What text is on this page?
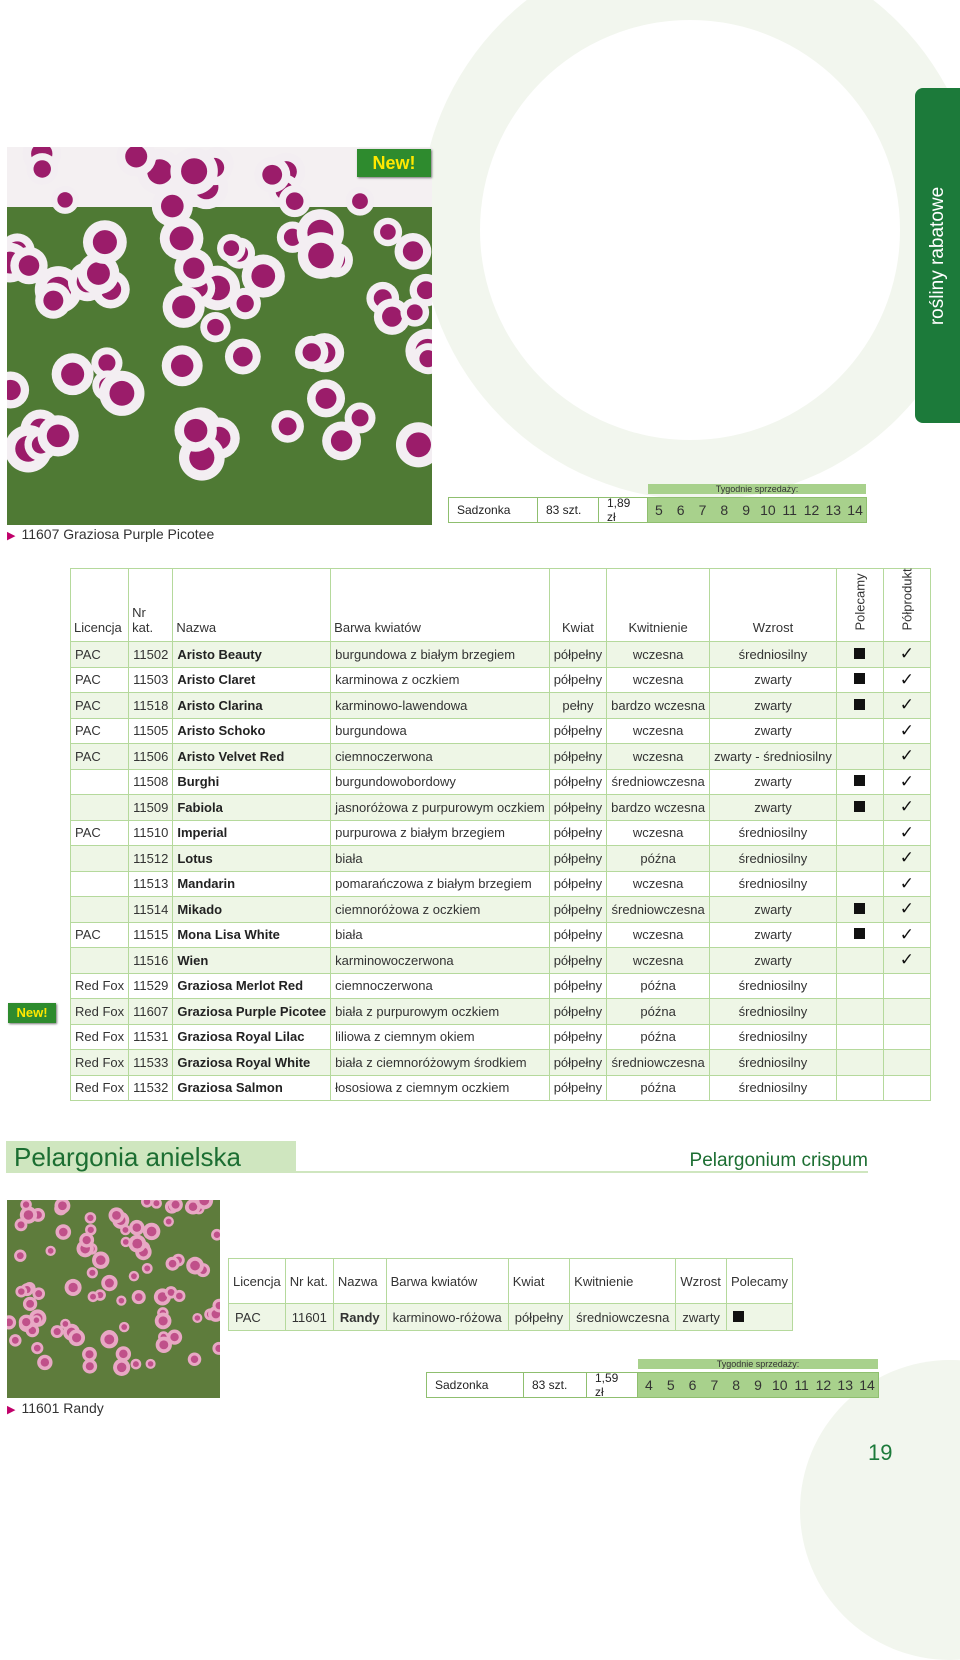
rośliny rabatowe
New!
▶ 11607 Graziosa Purple Picotee
Sadzonka	83 szt.	1,89 zł
Tygodnie sprzedaży:
5	6	7	8	9 10 11 12 13 14
New!
Licencja	Nr kat.	Nazwa	Barwa kwiatów	Kwiat	Kwitnienie	Wzrost	Polecamy	Półprodukt

PAC	11502	Aristo Beauty	burgundowa z białym brzegiem	półpełny	wczesna	średniosilny		✓
PAC	11503	Aristo Claret	karminowa z oczkiem	półpełny	wczesna	zwarty		✓
PAC	11518	Aristo Clarina	karminowo-lawendowa	pełny	bardzo wczesna	zwarty		✓
PAC	11505	Aristo Schoko	burgundowa	półpełny	wczesna	zwarty		✓
PAC	11506	Aristo Velvet Red	ciemnoczerwona	półpełny	wczesna	zwarty - średniosilny		✓
	11508	Burghi	burgundowobordowy	półpełny	średniowczesna	zwarty		✓
	11509	Fabiola	jasnoróżowa z purpurowym oczkiem	półpełny	bardzo wczesna	zwarty		✓
PAC	11510	Imperial	purpurowa z białym brzegiem	półpełny	wczesna	średniosilny		✓
	11512	Lotus	biała	półpełny	późna	średniosilny		✓
	11513	Mandarin	pomarańczowa z białym brzegiem	półpełny	wczesna	średniosilny		✓
	11514	Mikado	ciemnoróżowa z oczkiem	półpełny	średniowczesna	zwarty		✓
PAC	11515	Mona Lisa White	biała	półpełny	wczesna	zwarty		✓
	11516	Wien	karminowoczerwona	półpełny	wczesna	zwarty		✓
Red Fox	11529	Graziosa Merlot Red	ciemnoczerwona	półpełny	późna	średniosilny		
Red Fox	11607	Graziosa Purple Picotee	biała z purpurowym oczkiem	półpełny	późna	średniosilny		
Red Fox	11531	Graziosa Royal Lilac	liliowa z ciemnym okiem	półpełny	późna	średniosilny		
Red Fox	11533	Graziosa Royal White	biała z ciemnoróżowym środkiem	półpełny	średniowczesna	średniosilny		
Red Fox	11532	Graziosa Salmon	łososiowa z ciemnym oczkiem	półpełny	późna	średniosilny		
Pelargonia anielska	Pelargonium crispum
Licencja	Nr kat.	Nazwa	Barwa kwiatów	Kwiat	Kwitnienie	Wzrost	Polecamy
PAC	11601	Randy	karminowo-różowa	półpełny	średniowczesna	zwarty	
▶ 11601 Randy
Sadzonka	83 szt.	1,59 zł
Tygodnie sprzedaży:
4	5	6	7	8	9 10 11 12 13 14
19
